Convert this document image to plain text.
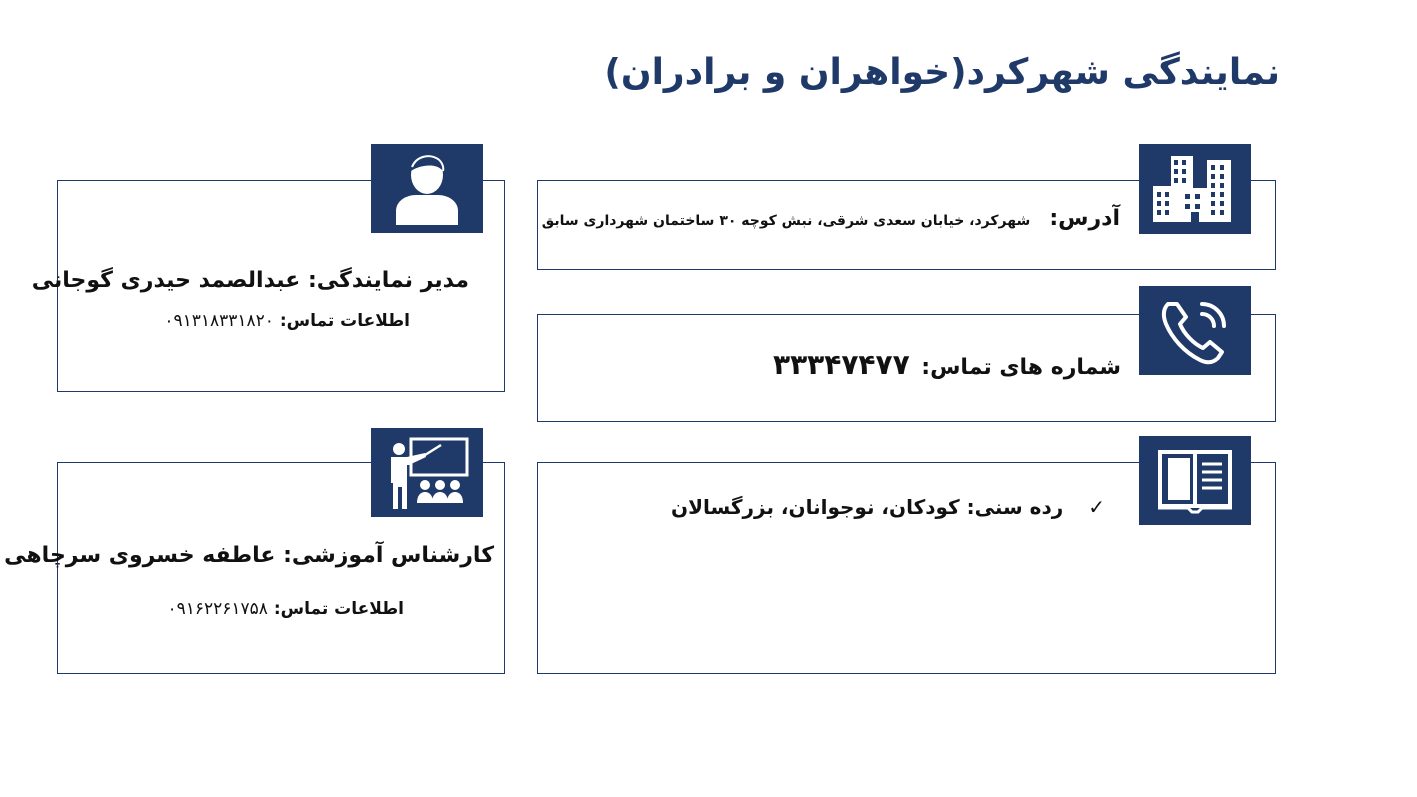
نمایندگی شهرکرد(خواهران و برادران)
آدرس: شهرکرد، خیابان سعدی شرقی، نبش کوچه ۳۰ ساختمان شهرداری سابق
شماره های تماس: ۳۳۳۴۷۴۷۷
✓ رده سنی: کودکان، نوجوانان، بزرگسالان
مدیر نمایندگی: عبدالصمد حیدری گوجانی
اطلاعات تماس: ۰۹۱۳۱۸۳۳۱۸۲۰
کارشناس آموزشی: عاطفه خسروی سرچاهی
اطلاعات تماس: ۰۹۱۶۲۲۶۱۷۵۸
